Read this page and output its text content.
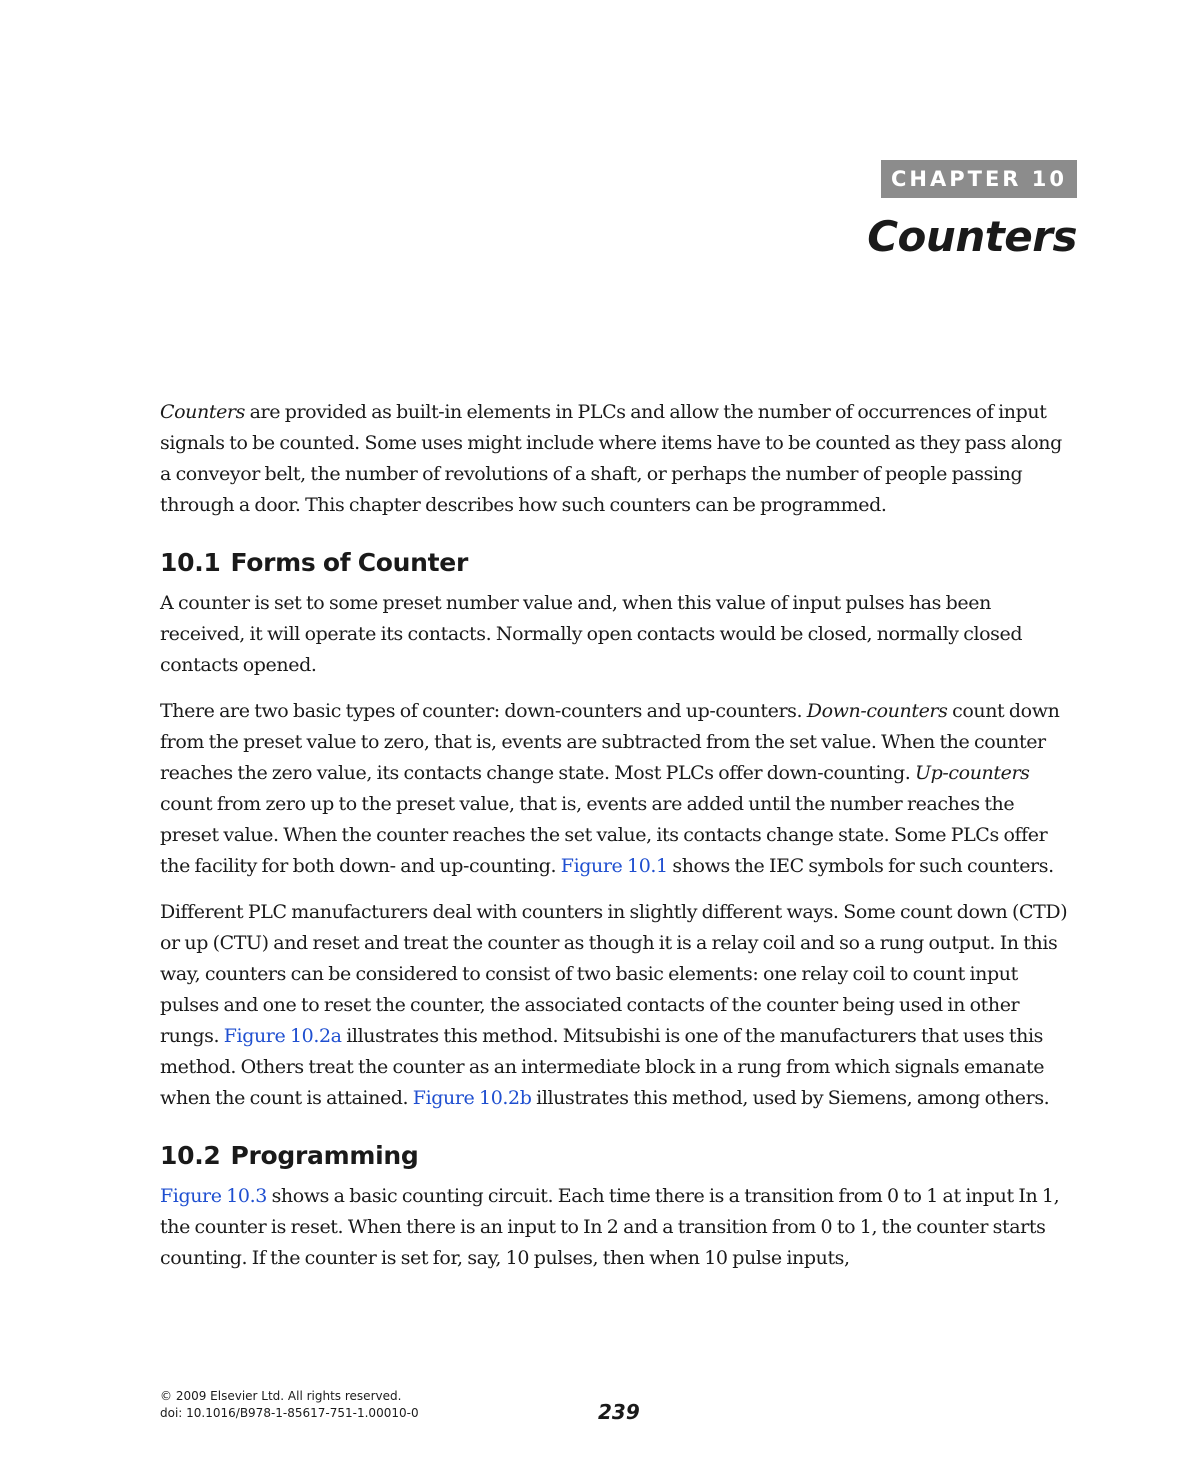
CHAPTER 10
Counters

Counters are provided as built-in elements in PLCs and allow the number of occurrences of input signals to be counted. Some uses might include where items have to be counted as they pass along a conveyor belt, the number of revolutions of a shaft, or perhaps the number of people passing through a door. This chapter describes how such counters can be programmed.

10.1 Forms of Counter

A counter is set to some preset number value and, when this value of input pulses has been received, it will operate its contacts. Normally open contacts would be closed, normally closed contacts opened.

There are two basic types of counter: down-counters and up-counters. Down-counters count down from the preset value to zero, that is, events are subtracted from the set value. When the counter reaches the zero value, its contacts change state. Most PLCs offer down-counting. Up-counters count from zero up to the preset value, that is, events are added until the number reaches the preset value. When the counter reaches the set value, its contacts change state. Some PLCs offer the facility for both down- and up-counting. Figure 10.1 shows the IEC symbols for such counters.

Different PLC manufacturers deal with counters in slightly different ways. Some count down (CTD) or up (CTU) and reset and treat the counter as though it is a relay coil and so a rung output. In this way, counters can be considered to consist of two basic elements: one relay coil to count input pulses and one to reset the counter, the associated contacts of the counter being used in other rungs. Figure 10.2a illustrates this method. Mitsubishi is one of the manufacturers that uses this method. Others treat the counter as an intermediate block in a rung from which signals emanate when the count is attained. Figure 10.2b illustrates this method, used by Siemens, among others.

10.2 Programming

Figure 10.3 shows a basic counting circuit. Each time there is a transition from 0 to 1 at input In 1, the counter is reset. When there is an input to In 2 and a transition from 0 to 1, the counter starts counting. If the counter is set for, say, 10 pulses, then when 10 pulse inputs,

© 2009 Elsevier Ltd. All rights reserved.
doi: 10.1016/B978-1-85617-751-1.00010-0	239
